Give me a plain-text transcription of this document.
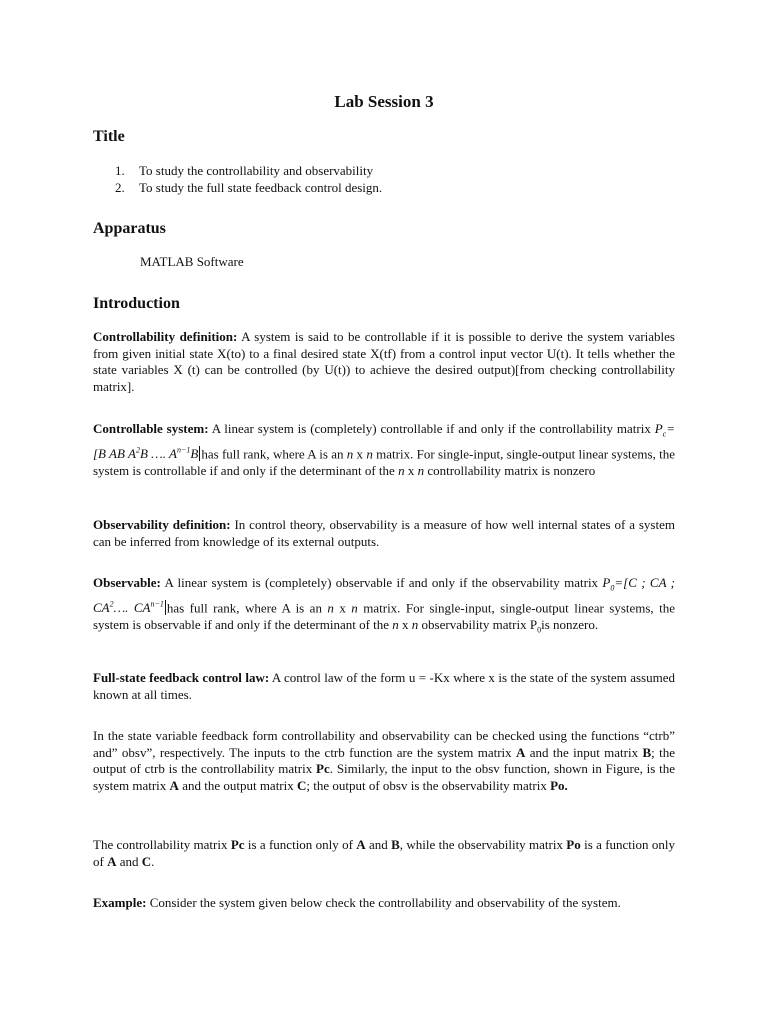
Lab Session 3
Title
1. To study the controllability and observability
2. To study the full state feedback control design.
Apparatus
MATLAB Software
Introduction
Controllability definition: A system is said to be controllable if it is possible to derive the system variables from given initial state X(to) to a final desired state X(tf) from a control input vector U(t). It tells whether the state variables X (t) can be controlled (by U(t)) to achieve the desired output)[from checking controllability matrix].
Controllable system: A linear system is (completely) controllable if and only if the controllability matrix $P_c=[B$ AB $A^2B$ …. $A^{n-1}B$ has full rank, where A is an n x n matrix. For single-input, single-output linear systems, the system is controllable if and only if the determinant of the n x n controllability matrix is nonzero
Observability definition: In control theory, observability is a measure of how well internal states of a system can be inferred from knowledge of its external outputs.
Observable: A linear system is (completely) observable if and only if the observability matrix $P_0=[C$ ; CA ; $CA^2\dots$. $CA^{n-1}$ has full rank, where A is an n x n matrix. For single-input, single-output linear systems, the system is observable if and only if the determinant of the n x n observability matrix $P_0is$ nonzero.
Full-state feedback control law: A control law of the form u = -Kx where x is the state of the system assumed known at all times.
In the state variable feedback form controllability and observability can be checked using the functions “ctrb” and” obsv”, respectively. The inputs to the ctrb function are the system matrix A and the input matrix B; the output of ctrb is the controllability matrix Pc. Similarly, the input to the obsv function, shown in Figure, is the system matrix A and the output matrix C; the output of obsv is the observability matrix Po.
The controllability matrix Pc is a function only of A and B, while the observability matrix Po is a function only of A and C.
Example: Consider the system given below check the controllability and observability of the system.
